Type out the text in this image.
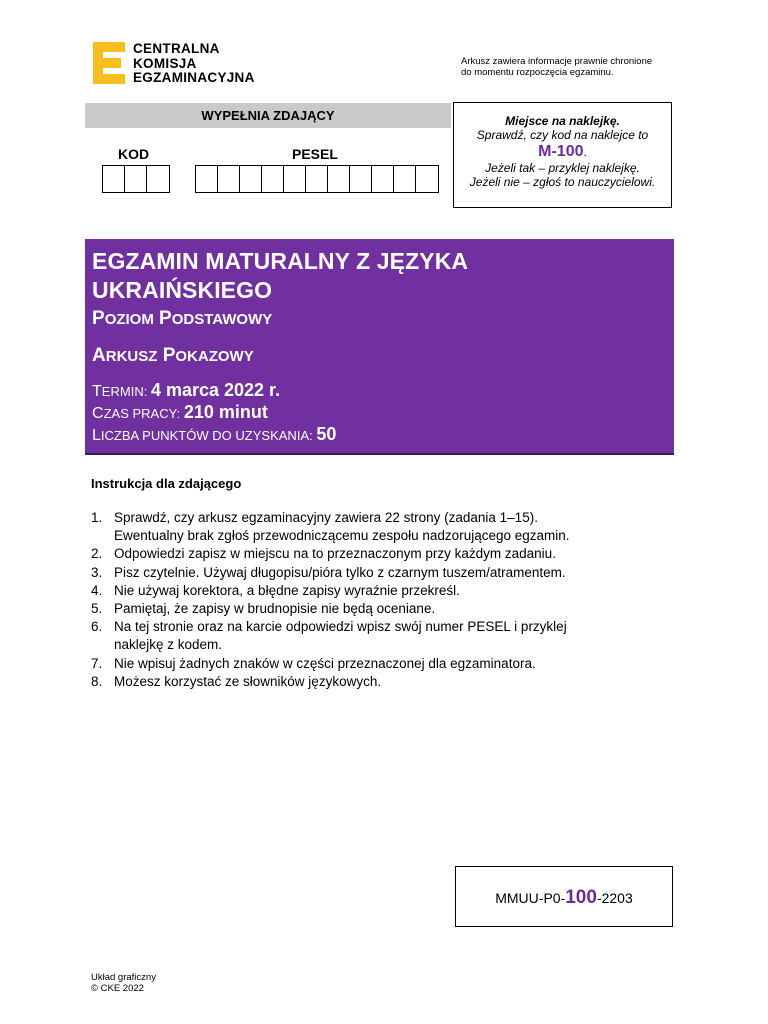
CENTRALNA
KOMISJA
EGZAMINACYJNA
Arkusz zawiera informacje prawnie chronione
do momentu rozpoczęcia egzaminu.
WYPEŁNIA ZDAJĄCY
KOD	PESEL
Miejsce na naklejkę.
Sprawdź, czy kod na naklejce to
M-100.
Jeżeli tak – przyklej naklejkę.
Jeżeli nie – zgłoś to nauczycielowi.
EGZAMIN MATURALNY Z JĘZYKA
UKRAIŃSKIEGO
POZIOM PODSTAWOWY
ARKUSZ POKAZOWY
TERMIN: 4 marca 2022 r.
CZAS PRACY: 210 minut
LICZBA PUNKTÓW DO UZYSKANIA: 50
Instrukcja dla zdającego
1. Sprawdź, czy arkusz egzaminacyjny zawiera 22 strony (zadania 1–15). Ewentualny brak zgłoś przewodniczącemu zespołu nadzorującego egzamin.
2. Odpowiedzi zapisz w miejscu na to przeznaczonym przy każdym zadaniu.
3. Pisz czytelnie. Używaj długopisu/pióra tylko z czarnym tuszem/atramentem.
4. Nie używaj korektora, a błędne zapisy wyraźnie przekreśl.
5. Pamiętaj, że zapisy w brudnopisie nie będą oceniane.
6. Na tej stronie oraz na karcie odpowiedzi wpisz swój numer PESEL i przyklej naklejkę z kodem.
7. Nie wpisuj żadnych znaków w części przeznaczonej dla egzaminatora.
8. Możesz korzystać ze słowników językowych.
MMUU-P0-100-2203
Układ graficzny
© CKE 2022
